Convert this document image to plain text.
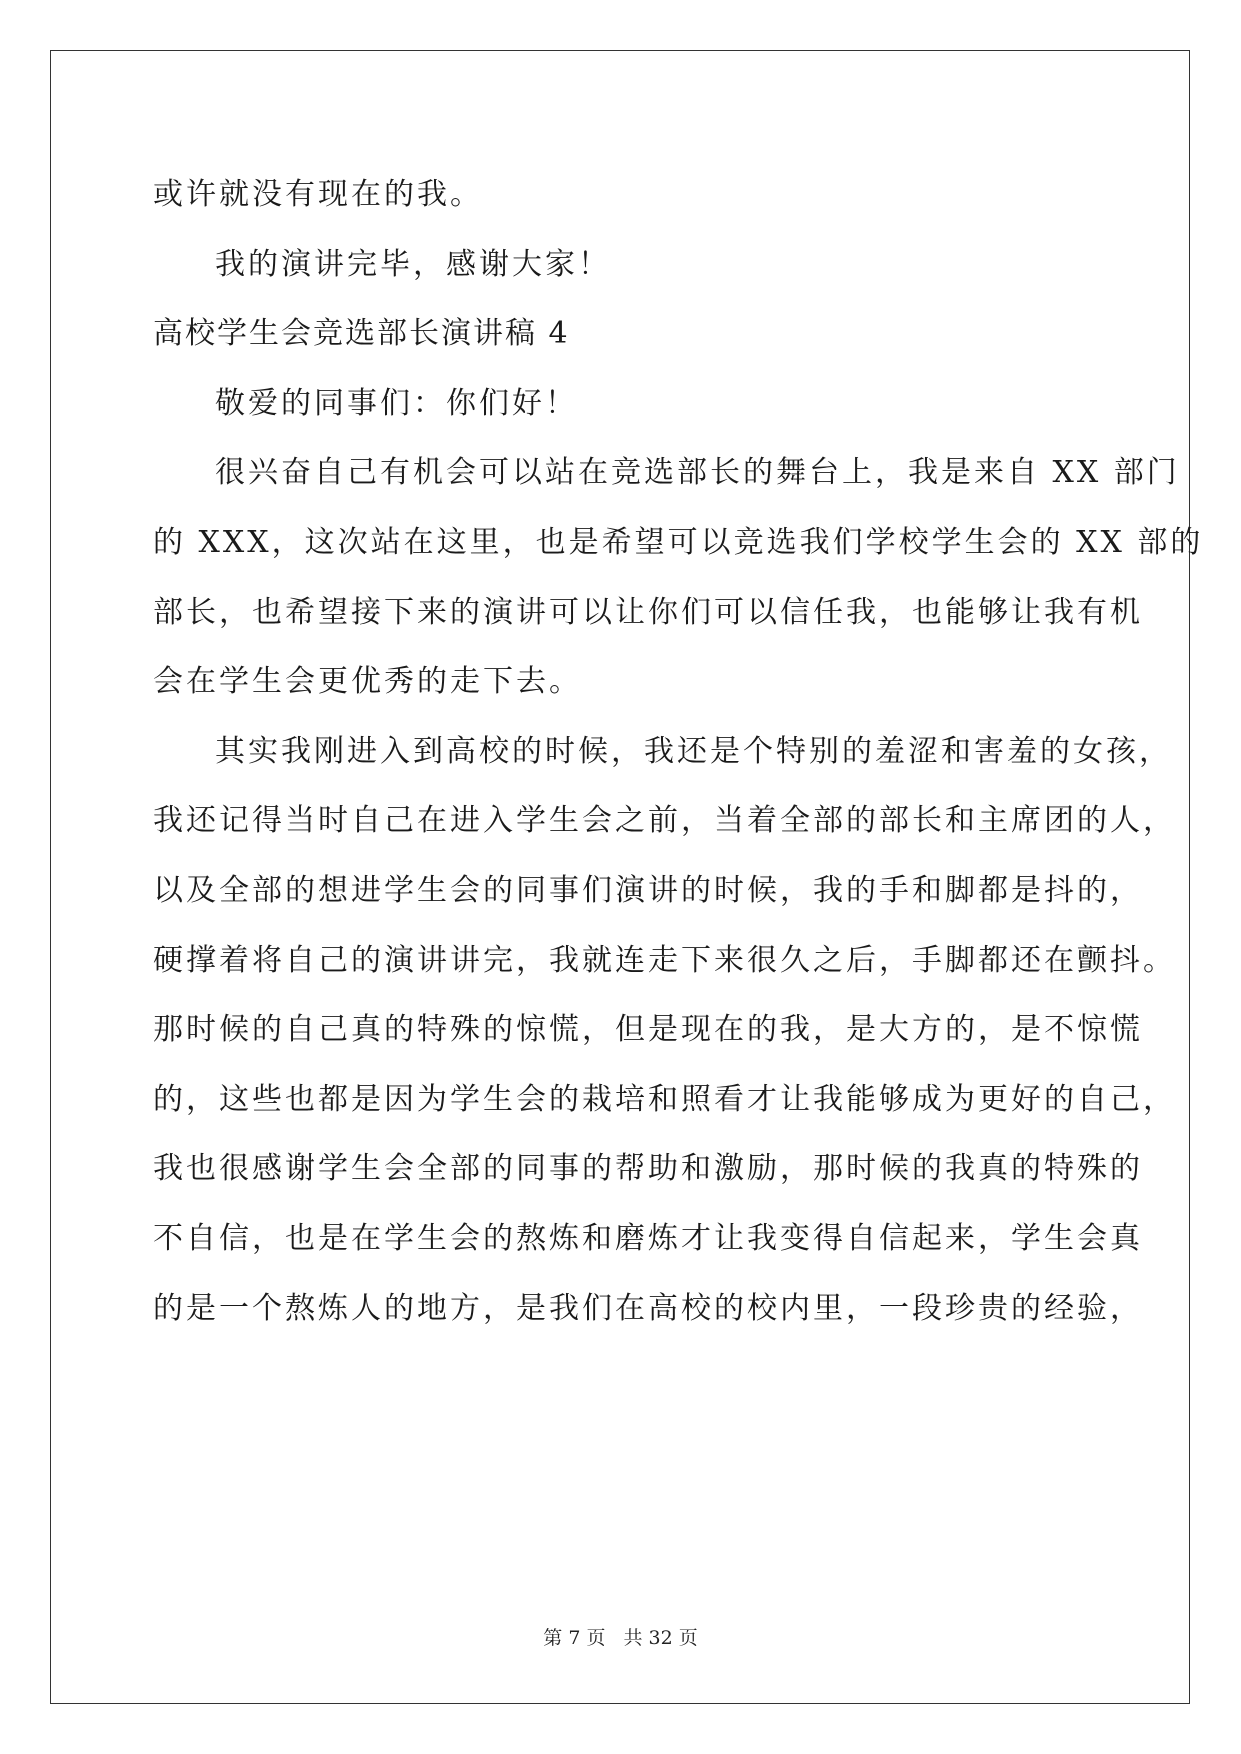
或许就没有现在的我。
我的演讲完毕，感谢大家！
高校学生会竞选部长演讲稿 4
敬爱的同事们：你们好！
很兴奋自己有机会可以站在竞选部长的舞台上，我是来自 XX 部门
的 XXX，这次站在这里，也是希望可以竞选我们学校学生会的 XX 部的
部长，也希望接下来的演讲可以让你们可以信任我，也能够让我有机
会在学生会更优秀的走下去。
其实我刚进入到高校的时候，我还是个特别的羞涩和害羞的女孩，
我还记得当时自己在进入学生会之前，当着全部的部长和主席团的人，
以及全部的想进学生会的同事们演讲的时候，我的手和脚都是抖的，
硬撑着将自己的演讲讲完，我就连走下来很久之后，手脚都还在颤抖。
那时候的自己真的特殊的惊慌，但是现在的我，是大方的，是不惊慌
的，这些也都是因为学生会的栽培和照看才让我能够成为更好的自己，
我也很感谢学生会全部的同事的帮助和激励，那时候的我真的特殊的
不自信，也是在学生会的熬炼和磨炼才让我变得自信起来，学生会真
的是一个熬炼人的地方，是我们在高校的校内里，一段珍贵的经验，
第 7 页 共 32 页
